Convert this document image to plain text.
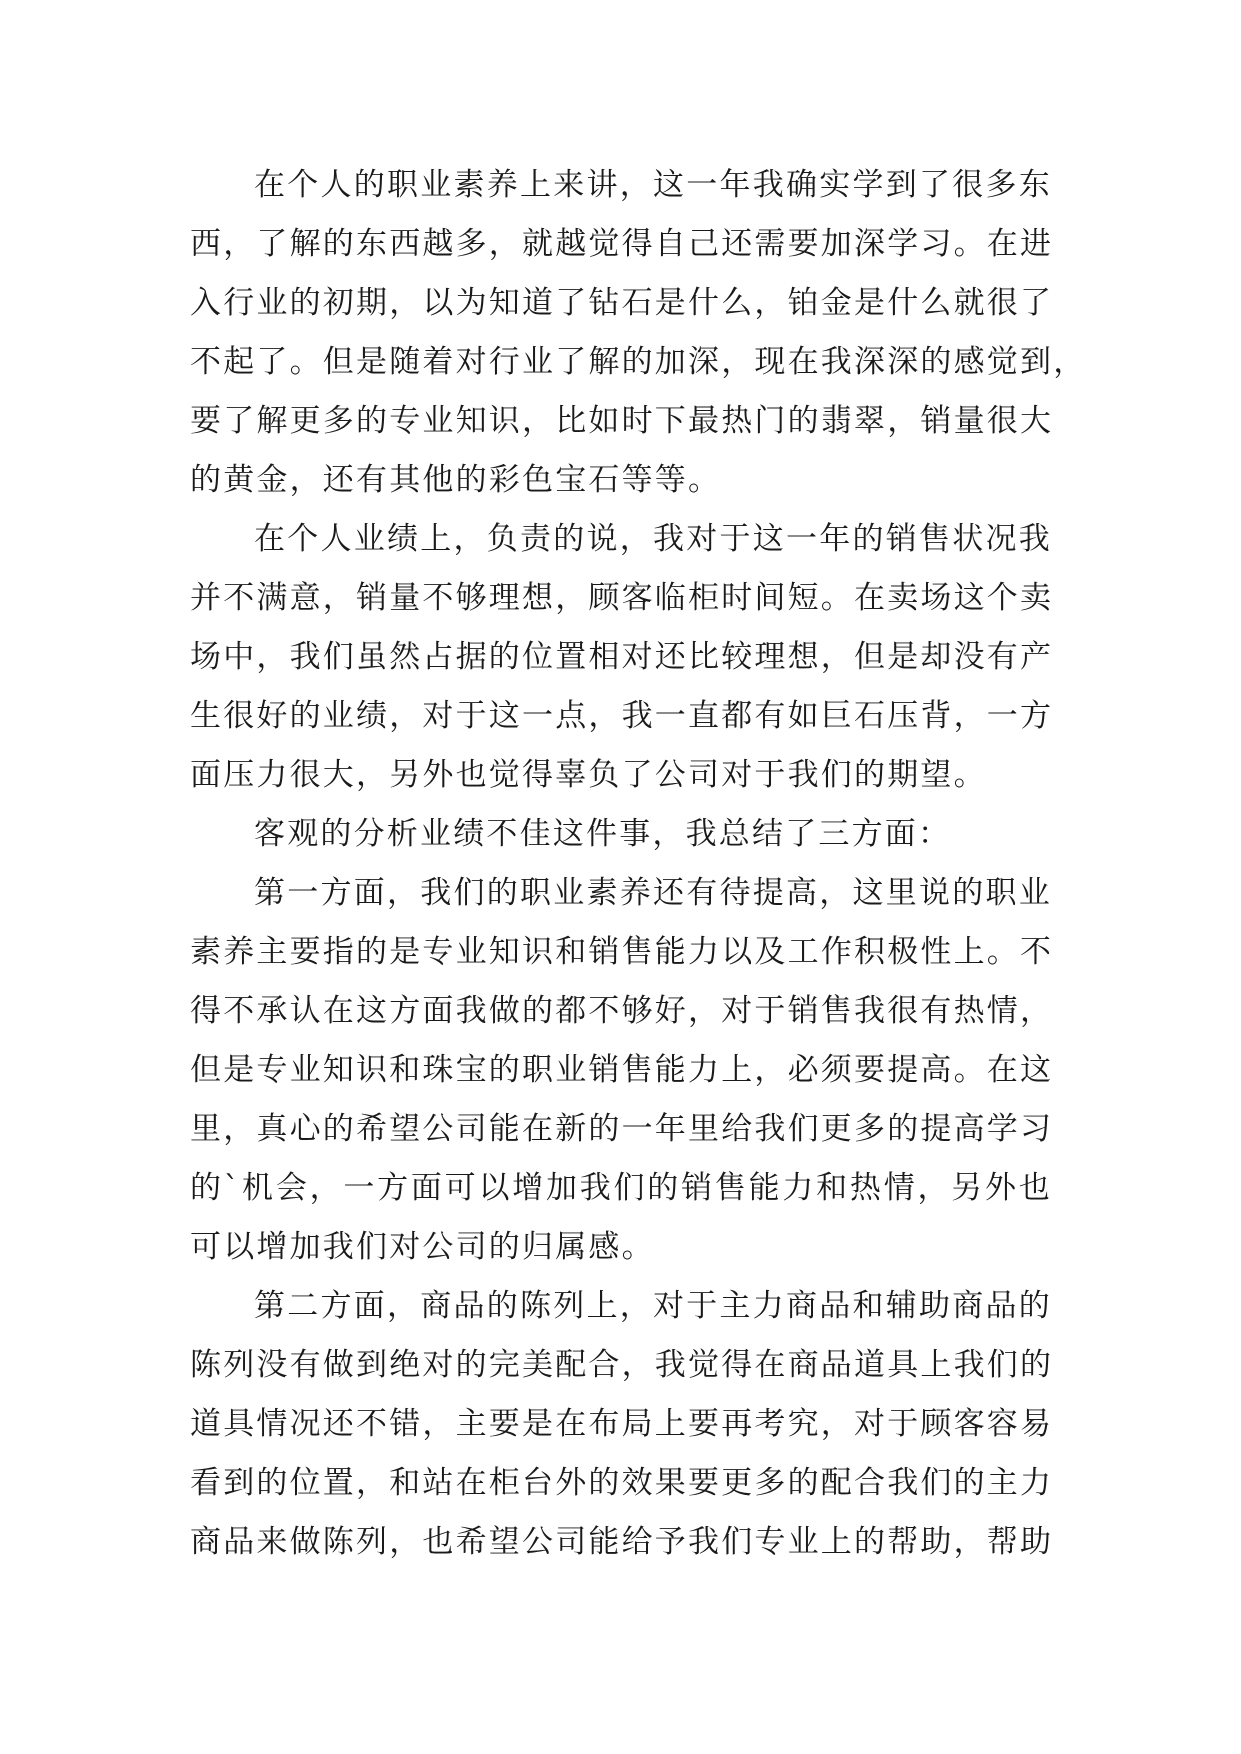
在个人的职业素养上来讲，这一年我确实学到了很多东
西，了解的东西越多，就越觉得自己还需要加深学习。在进
入行业的初期，以为知道了钻石是什么，铂金是什么就很了
不起了。但是随着对行业了解的加深，现在我深深的感觉到，
要了解更多的专业知识，比如时下最热门的翡翠，销量很大
的黄金，还有其他的彩色宝石等等。
在个人业绩上，负责的说，我对于这一年的销售状况我
并不满意，销量不够理想，顾客临柜时间短。在卖场这个卖
场中，我们虽然占据的位置相对还比较理想，但是却没有产
生很好的业绩，对于这一点，我一直都有如巨石压背，一方
面压力很大，另外也觉得辜负了公司对于我们的期望。
客观的分析业绩不佳这件事，我总结了三方面：
第一方面，我们的职业素养还有待提高，这里说的职业
素养主要指的是专业知识和销售能力以及工作积极性上。不
得不承认在这方面我做的都不够好，对于销售我很有热情，
但是专业知识和珠宝的职业销售能力上，必须要提高。在这
里，真心的希望公司能在新的一年里给我们更多的提高学习
的`机会，一方面可以增加我们的销售能力和热情，另外也
可以增加我们对公司的归属感。
第二方面，商品的陈列上，对于主力商品和辅助商品的
陈列没有做到绝对的完美配合，我觉得在商品道具上我们的
道具情况还不错，主要是在布局上要再考究，对于顾客容易
看到的位置，和站在柜台外的效果要更多的配合我们的主力
商品来做陈列，也希望公司能给予我们专业上的帮助，帮助
